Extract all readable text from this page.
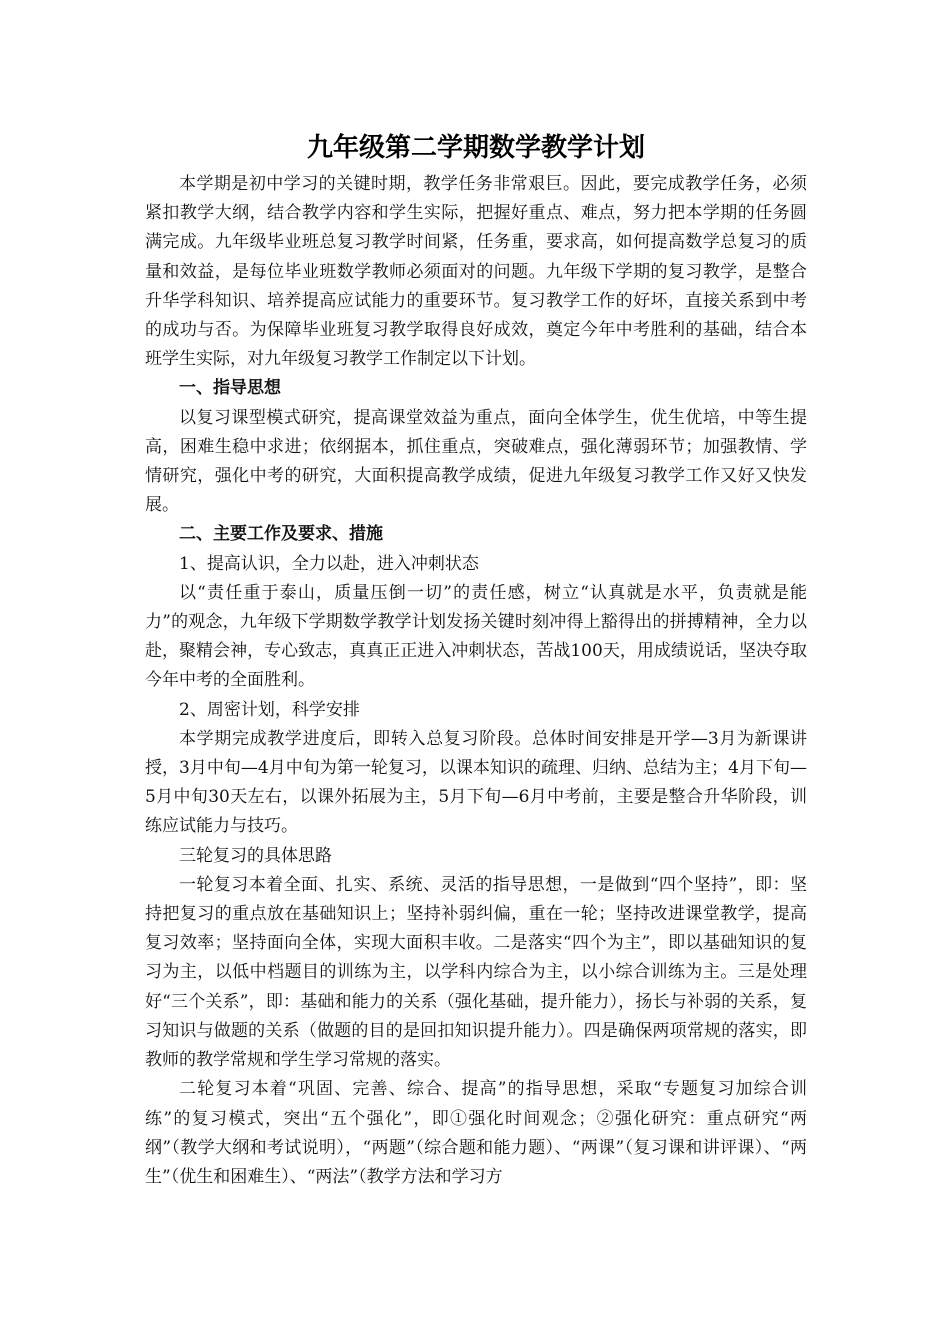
九年级第二学期数学教学计划

本学期是初中学习的关键时期，教学任务非常艰巨。因此，要完成教学任务，必须紧扣教学大纲，结合教学内容和学生实际，把握好重点、难点，努力把本学期的任务圆满完成。九年级毕业班总复习教学时间紧，任务重，要求高，如何提高数学总复习的质量和效益，是每位毕业班数学教师必须面对的问题。九年级下学期的复习教学，是整合升华学科知识、培养提高应试能力的重要环节。复习教学工作的好坏，直接关系到中考的成功与否。为保障毕业班复习教学取得良好成效，奠定今年中考胜利的基础，结合本班学生实际，对九年级复习教学工作制定以下计划。

一、指导思想

以复习课型模式研究，提高课堂效益为重点，面向全体学生，优生优培，中等生提高，困难生稳中求进；依纲据本，抓住重点，突破难点，强化薄弱环节；加强教情、学情研究，强化中考的研究，大面积提高教学成绩，促进九年级复习教学工作又好又快发展。

二、主要工作及要求、措施

1、提高认识，全力以赴，进入冲刺状态

以“责任重于泰山，质量压倒一切”的责任感，树立“认真就是水平，负责就是能力”的观念，九年级下学期数学教学计划发扬关键时刻冲得上豁得出的拼搏精神，全力以赴，聚精会神，专心致志，真真正正进入冲刺状态，苦战100天，用成绩说话，坚决夺取今年中考的全面胜利。

2、周密计划，科学安排

本学期完成教学进度后，即转入总复习阶段。总体时间安排是开学—3月为新课讲授，3月中旬—4月中旬为第一轮复习，以课本知识的疏理、归纳、总结为主；4月下旬—5月中旬30天左右，以课外拓展为主，5月下旬—6月中考前，主要是整合升华阶段，训练应试能力与技巧。

三轮复习的具体思路

一轮复习本着全面、扎实、系统、灵活的指导思想，一是做到“四个坚持”，即：坚持把复习的重点放在基础知识上；坚持补弱纠偏，重在一轮；坚持改进课堂教学，提高复习效率；坚持面向全体，实现大面积丰收。二是落实“四个为主”，即以基础知识的复习为主，以低中档题目的训练为主，以学科内综合为主，以小综合训练为主。三是处理好“三个关系”，即：基础和能力的关系（强化基础，提升能力），扬长与补弱的关系，复习知识与做题的关系（做题的目的是回扣知识提升能力）。四是确保两项常规的落实，即教师的教学常规和学生学习常规的落实。

二轮复习本着“巩固、完善、综合、提高”的指导思想，采取“专题复习加综合训练”的复习模式，突出“五个强化”，即①强化时间观念；②强化研究：重点研究“两纲”（教学大纲和考试说明），“两题”（综合题和能力题）、“两课”（复习课和讲评课）、“两生”（优生和困难生）、“两法”（教学方法和学习方
